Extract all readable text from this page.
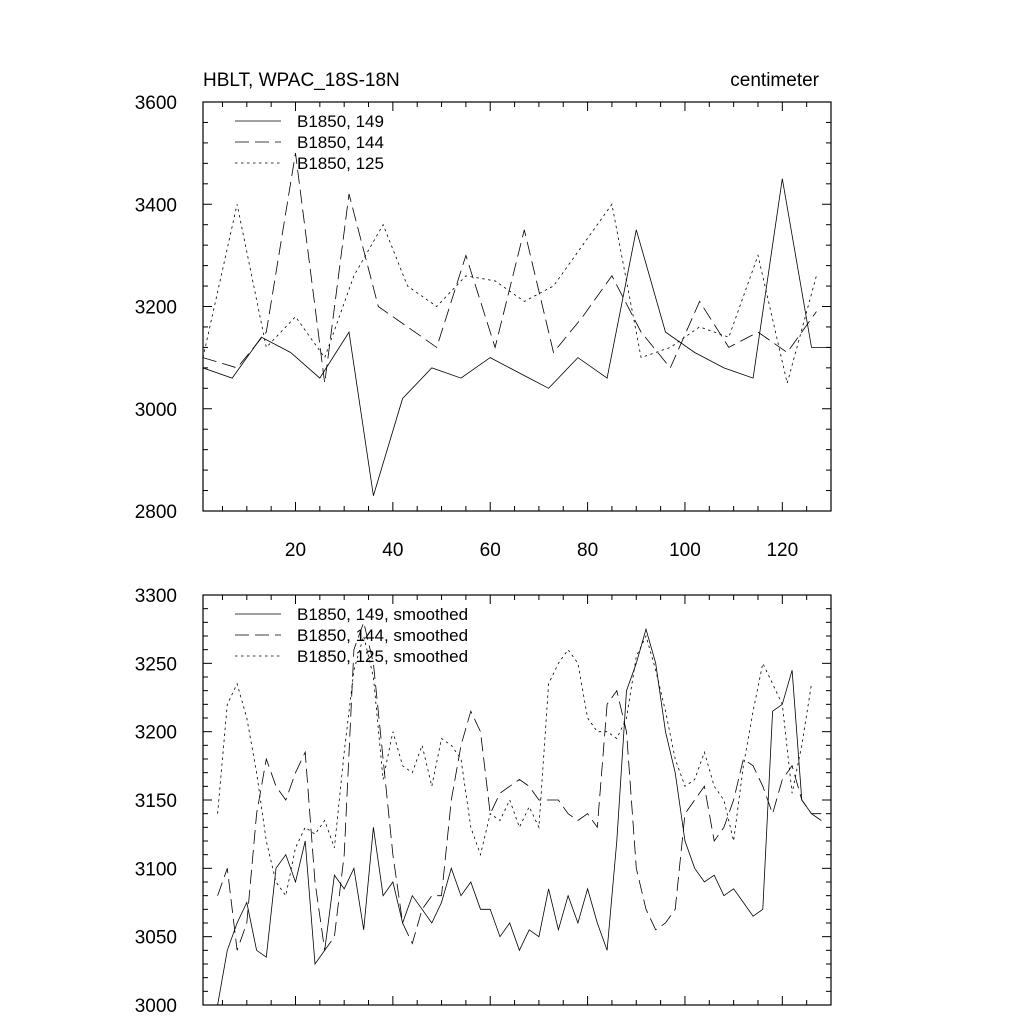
HBLT, WPAC_18S-18N	centimeter
2800
3000
3200
3400
3600
20	40	60	80	100	120
B1850, 149
B1850, 144
B1850, 125
3000
3050
3100
3150
3200
3250
3300
B1850, 149, smoothed
B1850, 144, smoothed
B1850, 125, smoothed
